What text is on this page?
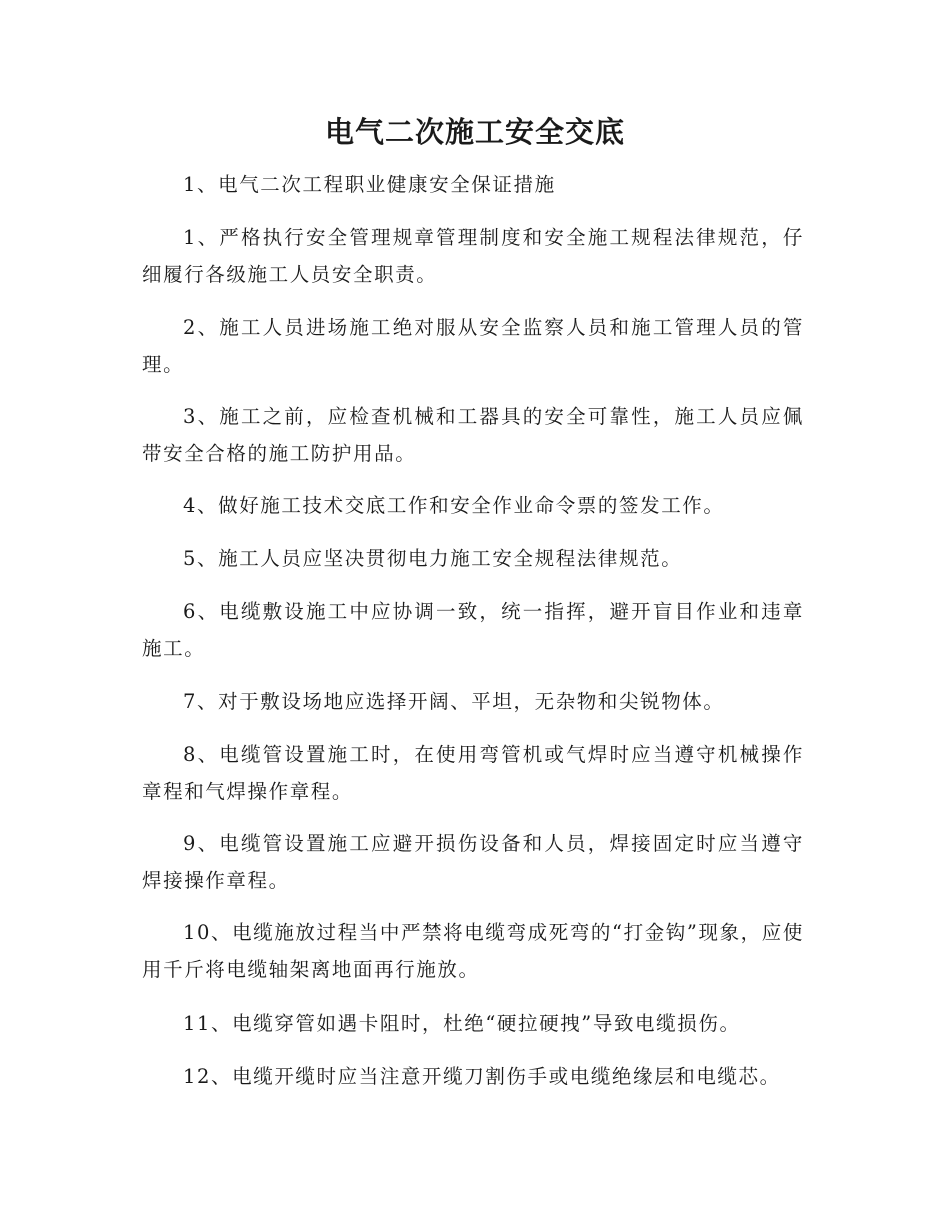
电气二次施工安全交底

1、电气二次工程职业健康安全保证措施

1、严格执行安全管理规章管理制度和安全施工规程法律规范，仔细履行各级施工人员安全职责。

2、施工人员进场施工绝对服从安全监察人员和施工管理人员的管理。

3、施工之前，应检查机械和工器具的安全可靠性，施工人员应佩带安全合格的施工防护用品。

4、做好施工技术交底工作和安全作业命令票的签发工作。

5、施工人员应坚决贯彻电力施工安全规程法律规范。

6、电缆敷设施工中应协调一致，统一指挥，避开盲目作业和违章施工。

7、对于敷设场地应选择开阔、平坦，无杂物和尖锐物体。

8、电缆管设置施工时，在使用弯管机或气焊时应当遵守机械操作章程和气焊操作章程。

9、电缆管设置施工应避开损伤设备和人员，焊接固定时应当遵守焊接操作章程。

10、电缆施放过程当中严禁将电缆弯成死弯的“打金钩”现象，应使用千斤将电缆轴架离地面再行施放。

11、电缆穿管如遇卡阻时，杜绝“硬拉硬拽”导致电缆损伤。

12、电缆开缆时应当注意开缆刀割伤手或电缆绝缘层和电缆芯。
